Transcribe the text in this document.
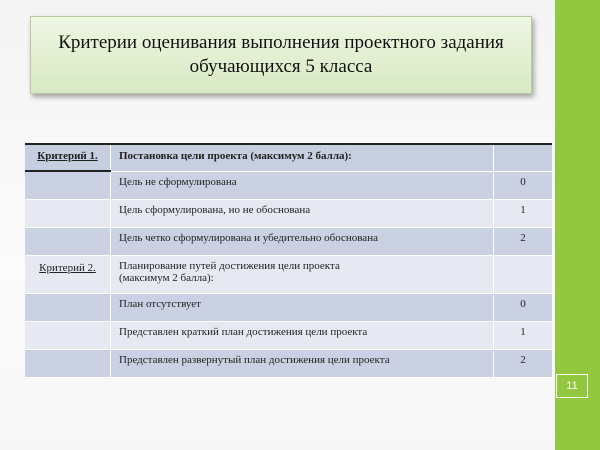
Критерии оценивания выполнения проектного задания
обучающихся 5 класса
Критерий 1.	Постановка цели проекта (максимум 2 балла):	
	Цель не сформулирована	0
	Цель сформулирована, но не обоснована	1
	Цель четко сформулирована и убедительно обоснована	2
Критерий 2.	Планирование путей достижения цели проекта
(максимум 2 балла):	

	План отсутствует	0
	Представлен краткий план достижения цели проекта	1
	Представлен развернутый план достижения цели проекта	2
11
